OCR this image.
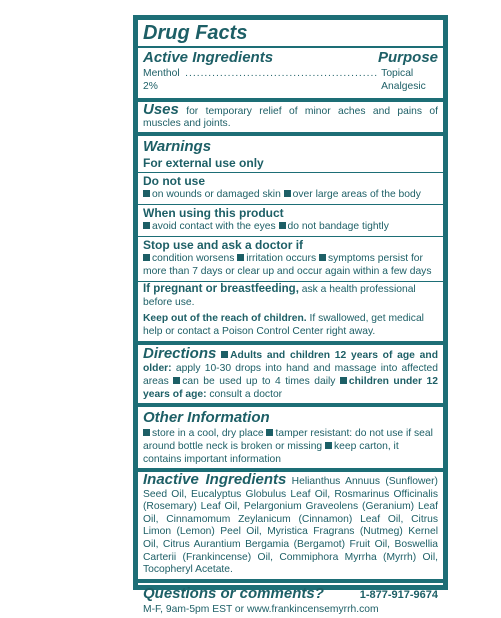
Drug Facts
Active Ingredients	Purpose
Menthol 2%
.................................................. Topical Analgesic
Uses for temporary relief of minor aches and pains of muscles and joints.
Warnings
For external use only
Do not use
on wounds or damaged skin over large areas of the body
When using this product
avoid contact with the eyes do not bandage tightly
Stop use and ask a doctor if
condition worsens irritation occurs symptoms persist for more than 7 days or clear up and occur again within a few days
If pregnant or breastfeeding, ask a health professional before use.
Keep out of the reach of children. If swallowed, get medical help or contact a Poison Control Center right away.
Directions Adults and children 12 years of age and older: apply 10-30 drops into hand and massage into affected areas can be used up to 4 times daily children under 12 years of age: consult a doctor
Other Information
store in a cool, dry place tamper resistant: do not use if seal around bottle neck is broken or missing keep carton, it contains important information
Inactive Ingredients Helianthus Annuus (Sunflower) Seed Oil, Eucalyptus Globulus Leaf Oil, Rosmarinus Officinalis (Rosemary) Leaf Oil, Pelargonium Graveolens (Geranium) Leaf Oil, Cinnamomum Zeylanicum (Cinnamon) Leaf Oil, Citrus Limon (Lemon) Peel Oil, Myristica Fragrans (Nutmeg) Kernel Oil, Citrus Aurantium Bergamia (Bergamot) Fruit Oil, Boswellia Carterii (Frankincense) Oil, Commiphora Myrrha (Myrrh) Oil, Tocopheryl Acetate.
Questions or comments?	1-877-917-9674
M-F, 9am-5pm EST or www.frankincensemyrrh.com
